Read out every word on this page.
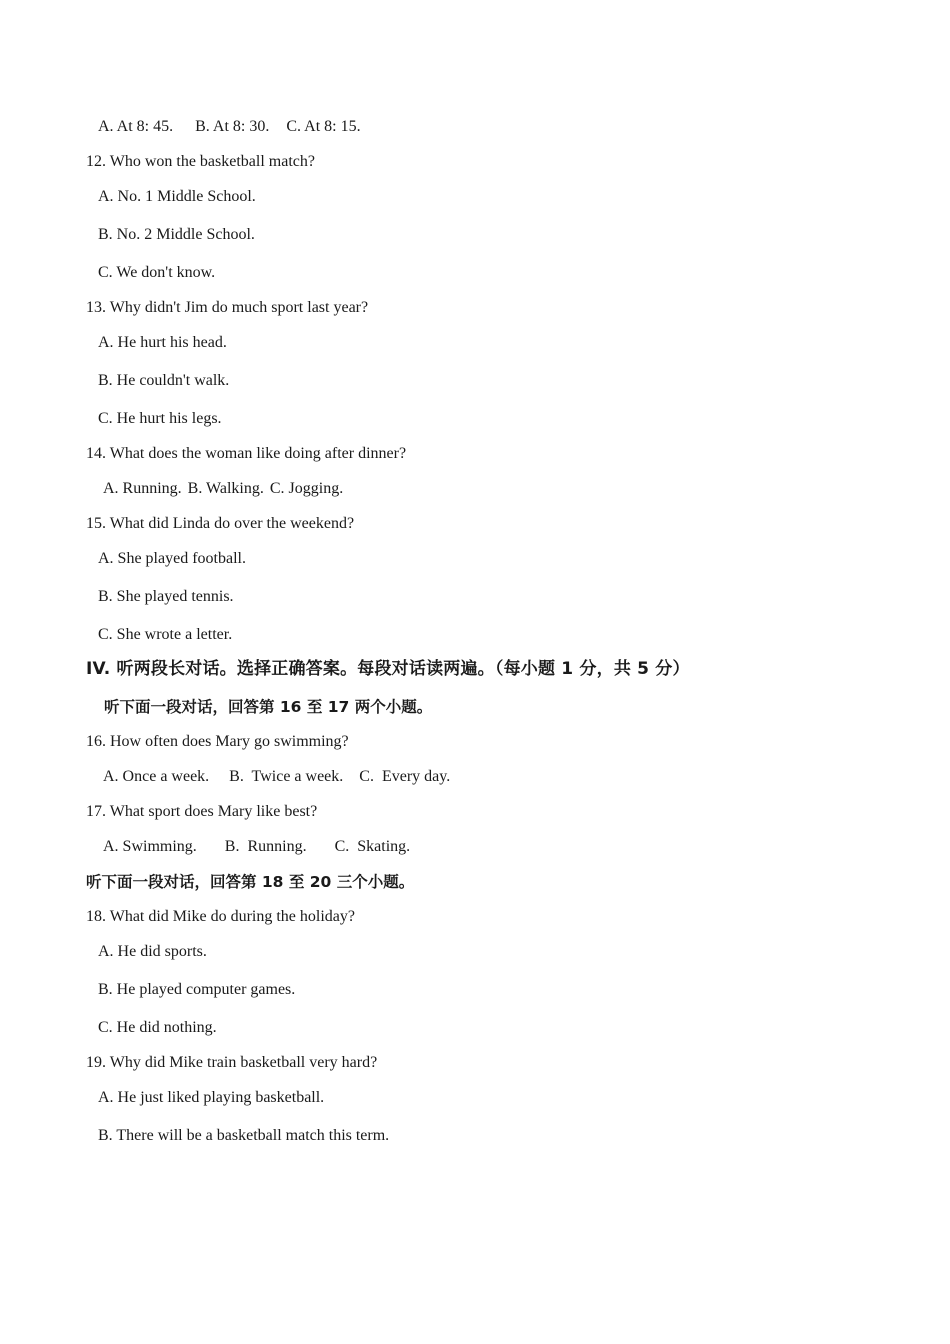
A. At 8: 45. B. At 8: 30. C. At 8: 15.
12. Who won the basketball match?
A. No. 1 Middle School.
B. No. 2 Middle School.
C. We don't know.
13. Why didn't Jim do much sport last year?
A. He hurt his head.
B. He couldn't walk.
C. He hurt his legs.
14. What does the woman like doing after dinner?
A. Running. B. Walking. C. Jogging.
15. What did Linda do over the weekend?
A. She played football.
B. She played tennis.
C. She wrote a letter.
IV. 听两段长对话。选择正确答案。每段对话读两遍。（每小题 1 分，共 5 分）
听下面一段对话，回答第 16 至 17 两个小题。
16. How often does Mary go swimming?
A. Once a week. B.  Twice a week. C.  Every day.
17. What sport does Mary like best?
A. Swimming. B.  Running. C.  Skating.
听下面一段对话，回答第 18 至 20 三个小题。
18. What did Mike do during the holiday?
A. He did sports.
B. He played computer games.
C. He did nothing.
19. Why did Mike train basketball very hard?
A. He just liked playing basketball.
B. There will be a basketball match this term.
